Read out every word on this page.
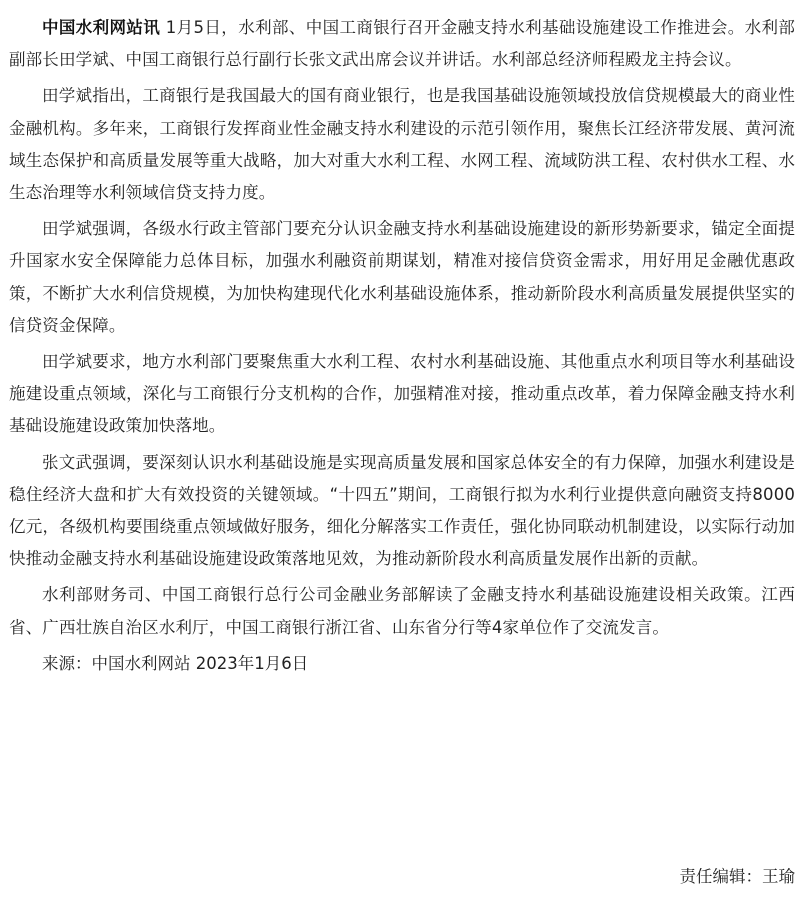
中国水利网站讯 1月5日，水利部、中国工商银行召开金融支持水利基础设施建设工作推进会。水利部副部长田学斌、中国工商银行总行副行长张文武出席会议并讲话。水利部总经济师程殿龙主持会议。

田学斌指出，工商银行是我国最大的国有商业银行，也是我国基础设施领域投放信贷规模最大的商业性金融机构。多年来，工商银行发挥商业性金融支持水利建设的示范引领作用，聚焦长江经济带发展、黄河流域生态保护和高质量发展等重大战略，加大对重大水利工程、水网工程、流域防洪工程、农村供水工程、水生态治理等水利领域信贷支持力度。

田学斌强调，各级水行政主管部门要充分认识金融支持水利基础设施建设的新形势新要求，锚定全面提升国家水安全保障能力总体目标，加强水利融资前期谋划，精准对接信贷资金需求，用好用足金融优惠政策，不断扩大水利信贷规模，为加快构建现代化水利基础设施体系，推动新阶段水利高质量发展提供坚实的信贷资金保障。

田学斌要求，地方水利部门要聚焦重大水利工程、农村水利基础设施、其他重点水利项目等水利基础设施建设重点领域，深化与工商银行分支机构的合作，加强精准对接，推动重点改革，着力保障金融支持水利基础设施建设政策加快落地。

张文武强调，要深刻认识水利基础设施是实现高质量发展和国家总体安全的有力保障，加强水利建设是稳住经济大盘和扩大有效投资的关键领域。“十四五”期间，工商银行拟为水利行业提供意向融资支持8000亿元，各级机构要围绕重点领域做好服务，细化分解落实工作责任，强化协同联动机制建设，以实际行动加快推动金融支持水利基础设施建设政策落地见效，为推动新阶段水利高质量发展作出新的贡献。

水利部财务司、中国工商银行总行公司金融业务部解读了金融支持水利基础设施建设相关政策。江西省、广西壮族自治区水利厅，中国工商银行浙江省、山东省分行等4家单位作了交流发言。

来源：中国水利网站 2023年1月6日

责任编辑：王瑜
